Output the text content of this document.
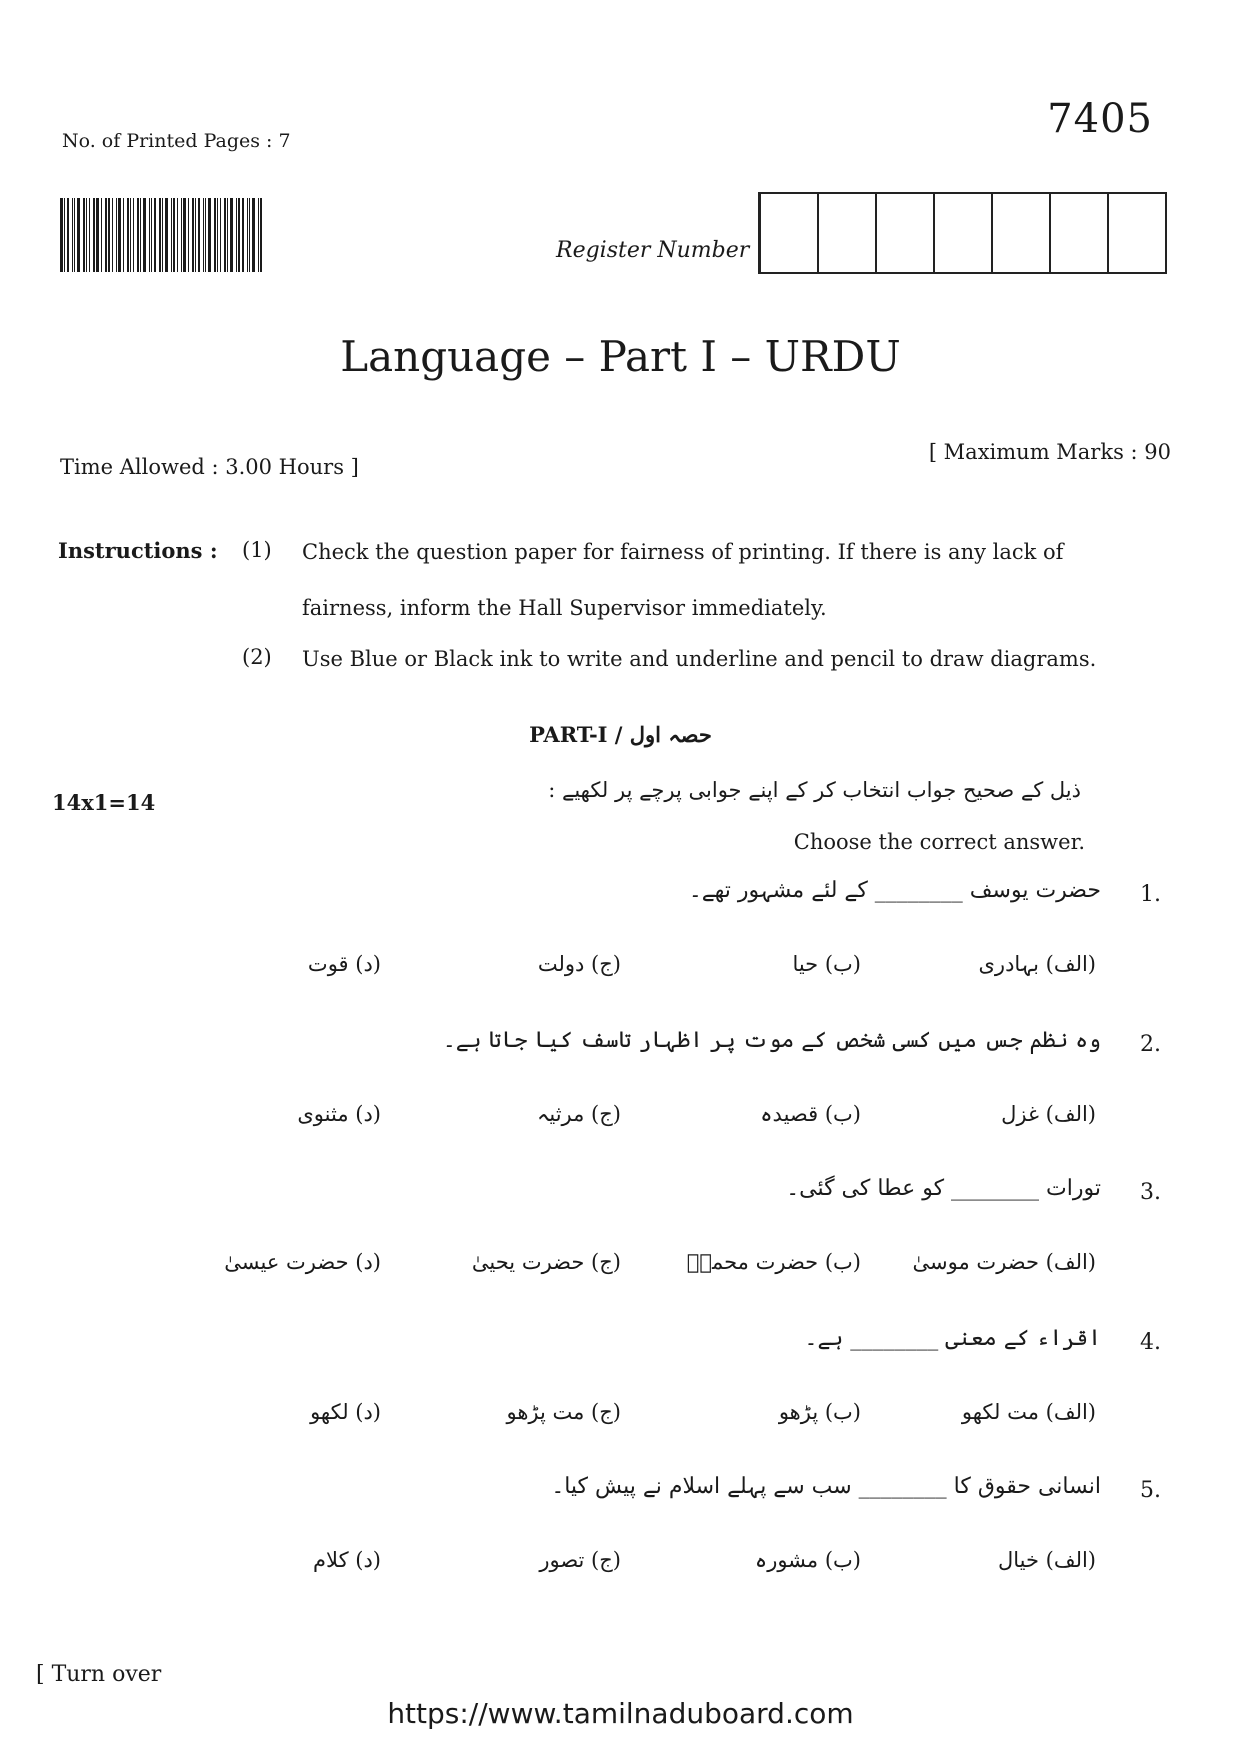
No. of Printed Pages : 7	7405
Register Number
Language – Part I – URDU
Time Allowed : 3.00 Hours ]
[ Maximum Marks : 90
Instructions : (1) Check the question paper for fairness of printing. If there is any lack of
fairness, inform the Hall Supervisor immediately.
(2) Use Blue or Black ink to write and underline and pencil to draw diagrams.
PART-I / حصہ اول
14x1=14	ذیل کے صحیح جواب انتخاب کر کے اپنے جوابی پرچے پر لکھیے :
Choose the correct answer.
1.
حضرت یوسف ________ کے لئے مشہور تھے۔
(الف) بہادری
(ب) حیا
(ج) دولت
(د) قوت
2.
وہ نظم جس میں کسی شخص کے موت پر اظہار تاسف کیا جاتا ہے۔
(الف) غزل
(ب) قصیدہ
(ج) مرثیہ
(د) مثنوی
3.
تورات ________ کو عطا کی گئی۔
(الف) حضرت موسیٰ
(ب) حضرت محمدؐ
(ج) حضرت یحییٰ
(د) حضرت عیسیٰ
4.
اقراء کے معنی ________ ہے۔
(الف) مت لکھو
(ب) پڑھو
(ج) مت پڑھو
(د) لکھو
5.
انسانی حقوق کا ________ سب سے پہلے اسلام نے پیش کیا۔
(الف) خیال
(ب) مشورہ
(ج) تصور
(د) کلام
[ Turn over
https://www.tamilnaduboard.com
